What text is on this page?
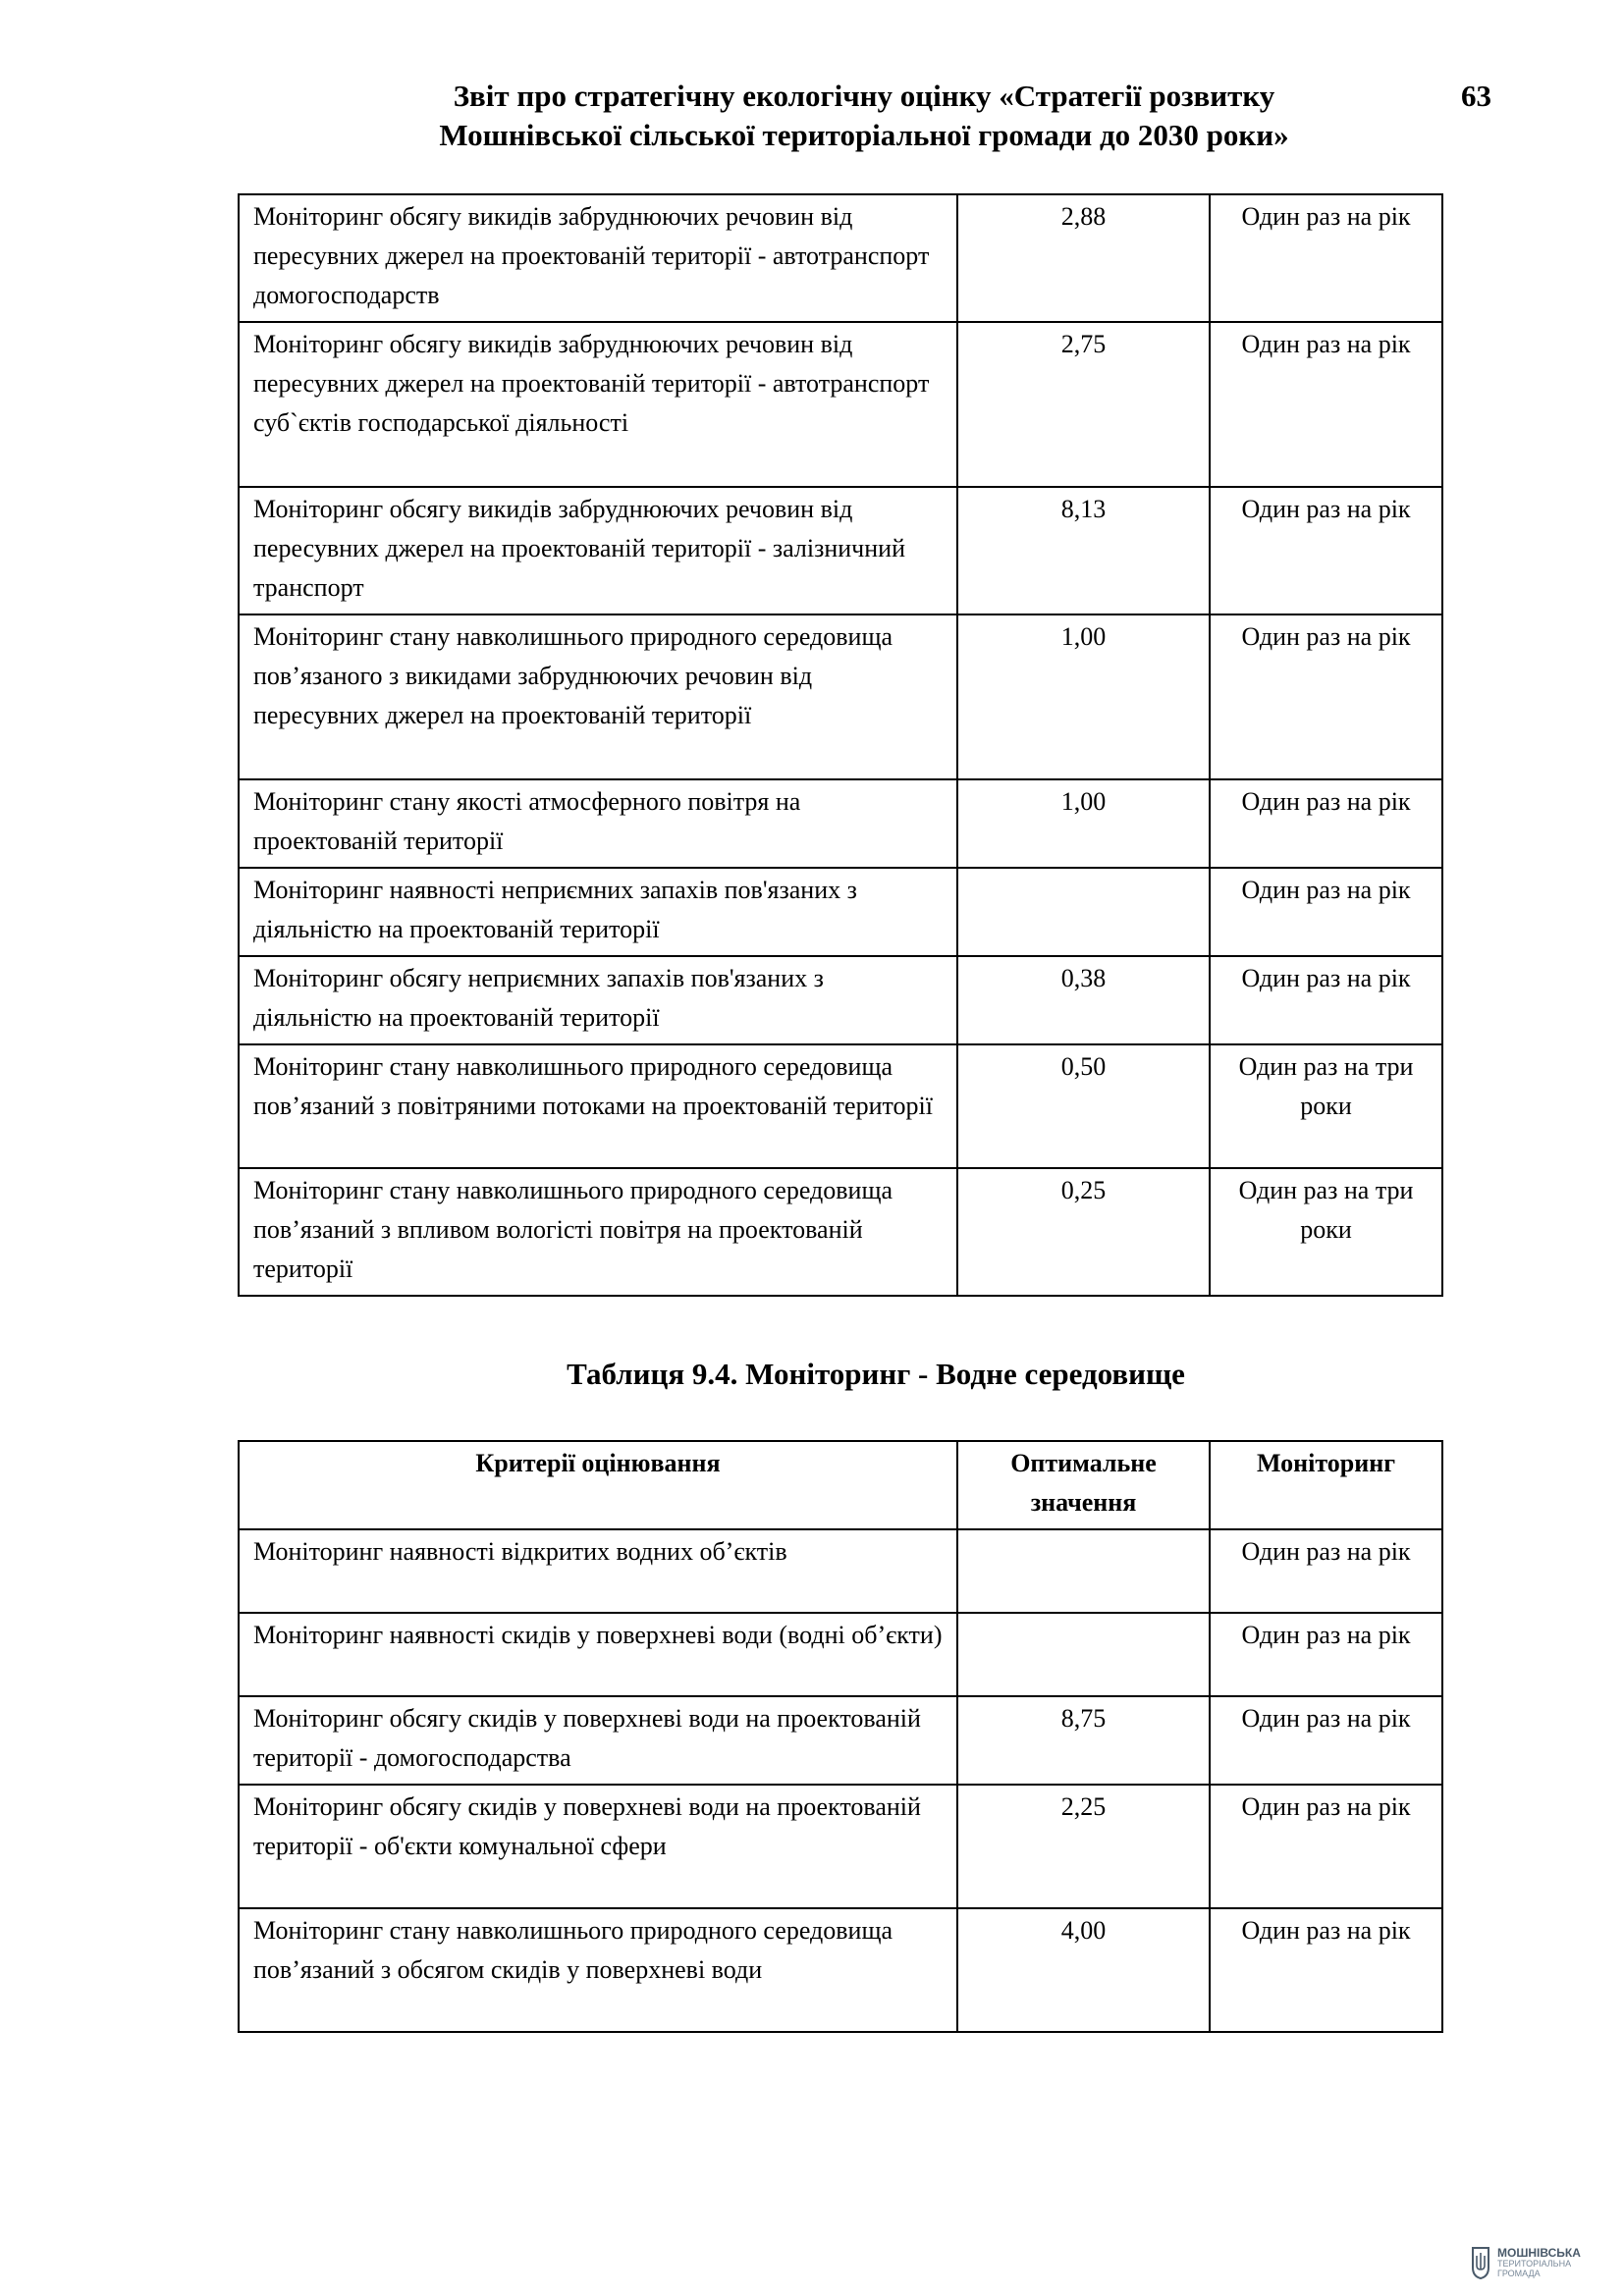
Звіт про стратегічну екологічну оцінку «Стратегії розвитку
Мошнівської сільської територіальної громади до 2030 роки»
63
Моніторинг обсягу викидів забруднюючих речовин від пересувних джерел на проектованій території - автотранспорт домогосподарств	2,88	Один раз на рік
Моніторинг обсягу викидів забруднюючих речовин від пересувних джерел на проектованій території - автотранспорт суб`єктів господарської діяльності	2,75	Один раз на рік
Моніторинг обсягу викидів забруднюючих речовин від пересувних джерел на проектованій території - залізничний транспорт	8,13	Один раз на рік
Моніторинг стану навколишнього природного середовища пов’язаного з викидами забруднюючих речовин від пересувних джерел на проектованій території	1,00	Один раз на рік
Моніторинг стану якості атмосферного повітря на проектованій території	1,00	Один раз на рік
Моніторинг наявності неприємних запахів пов'язаних з діяльністю на проектованій території		Один раз на рік
Моніторинг обсягу неприємних запахів пов'язаних з діяльністю на проектованій території	0,38	Один раз на рік
Моніторинг стану навколишнього природного середовища пов’язаний з повітряними потоками на проектованій території	0,50	Один раз на три роки
Моніторинг стану навколишнього природного середовища пов’язаний з впливом вологісті повітря на проектованій території	0,25	Один раз на три роки
Таблиця 9.4. Моніторинг - Водне середовище
Критерії оцінювання	Оптимальне значення	Моніторинг
Моніторинг наявності відкритих водних об’єктів		Один раз на рік
Моніторинг наявності скидів у поверхневі води (водні об’єкти)		Один раз на рік
Моніторинг обсягу скидів у поверхневі води на проектованій території - домогосподарства	8,75	Один раз на рік
Моніторинг обсягу скидів у поверхневі води на проектованій території - об'єкти комунальної сфери	2,25	Один раз на рік
Моніторинг стану навколишнього природного середовища пов’язаний з обсягом скидів у поверхневі води	4,00	Один раз на рік
МОШНІВСЬКА
ТЕРИТОРІАЛЬНА
ГРОМАДА
